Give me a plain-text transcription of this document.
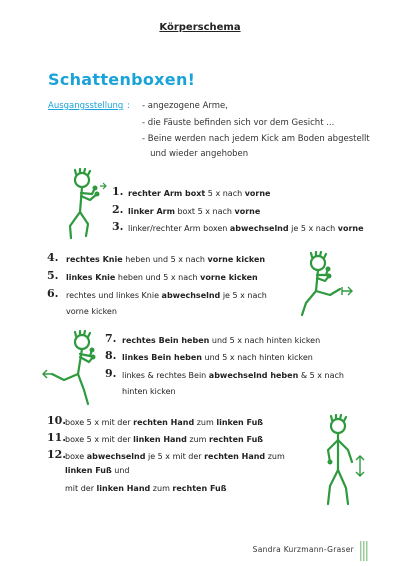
Körperschema
Schattenboxen!
Ausgangsstellung : - angezogene Arme,
- die Fäuste befinden sich vor dem Gesicht ...
- Beine werden nach jedem Kick am Boden abgestellt
und wieder angehoben
1. rechter Arm boxt 5 x nach vorne
2. linker Arm boxt 5 x nach vorne
3. linker/rechter Arm boxen abwechselnd je 5 x nach vorne
4. rechtes Knie heben und 5 x nach vorne kicken
5. linkes Knie heben und 5 x nach vorne kicken
6. rechtes und linkes Knie abwechselnd je 5 x nach
vorne kicken
7. rechtes Bein heben und 5 x nach hinten kicken
8. linkes Bein heben und 5 x nach hinten kicken
9. linkes & rechtes Bein abwechselnd heben & 5 x nach
hinten kicken
10.
boxe 5 x mit der rechten Hand zum linken Fuß
11.
boxe 5 x mit der linken Hand zum rechten Fuß
12.
boxe abwechselnd je 5 x mit der rechten Hand zum
linken Fuß und
mit der linken Hand zum rechten Fuß
Sandra Kurzmann-Graser
